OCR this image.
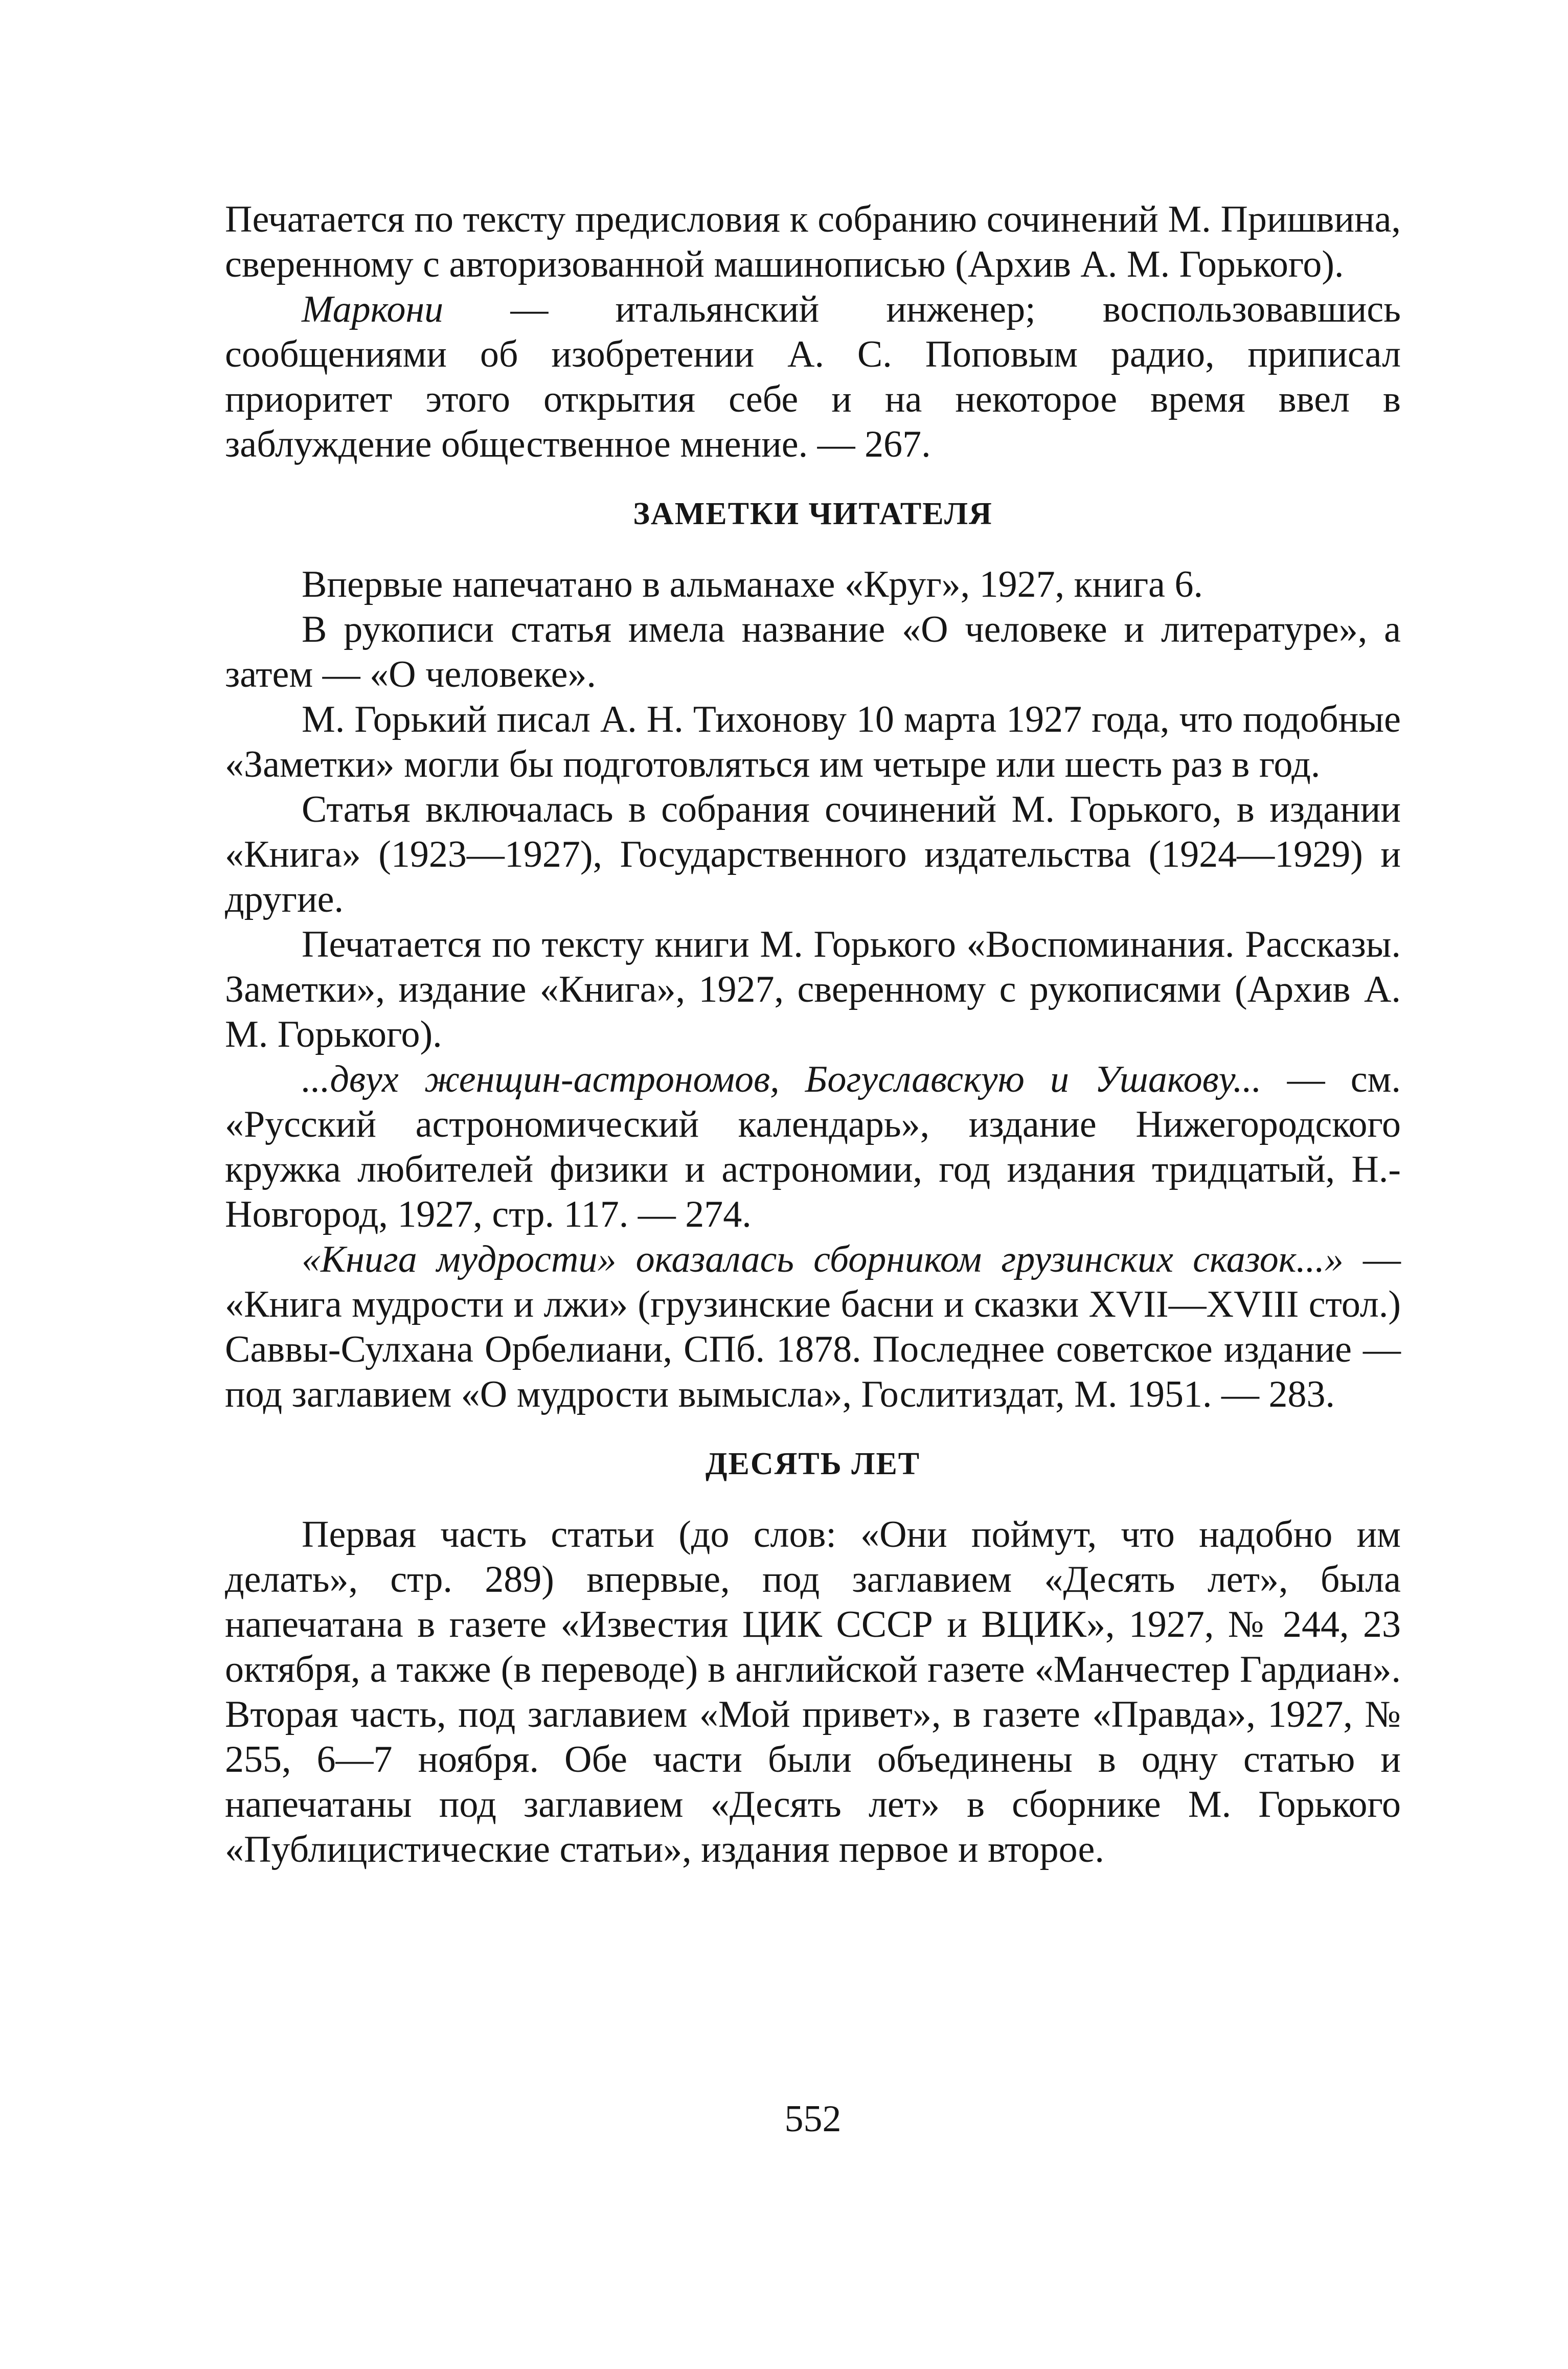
Печатается по тексту предисловия к собранию сочинений М. Пришвина, сверенному с авторизованной машинописью (Архив А. М. Горького).

Маркони — итальянский инженер; воспользовавшись сообщениями об изобретении А. С. Поповым радио, приписал приоритет этого открытия себе и на некоторое время ввел в заблуждение общественное мнение. — 267.

ЗАМЕТКИ ЧИТАТЕЛЯ

Впервые напечатано в альманахе «Круг», 1927, книга 6.

В рукописи статья имела название «О человеке и литературе», а затем — «О человеке».

М. Горький писал А. Н. Тихонову 10 марта 1927 года, что подобные «Заметки» могли бы подготовляться им четыре или шесть раз в год.

Статья включалась в собрания сочинений М. Горького, в издании «Книга» (1923—1927), Государственного издательства (1924—1929) и другие.

Печатается по тексту книги М. Горького «Воспоминания. Рассказы. Заметки», издание «Книга», 1927, сверенному с рукописями (Архив А. М. Горького).

...двух женщин-астрономов, Богуславскую и Ушакову... — см. «Русский астрономический календарь», издание Нижегородского кружка любителей физики и астрономии, год издания тридцатый, Н.-Новгород, 1927, стр. 117. — 274.

«Книга мудрости» оказалась сборником грузинских сказок...» — «Книга мудрости и лжи» (грузинские басни и сказки XVII—XVIII стол.) Саввы-Сулхана Орбелиани, СПб. 1878. Последнее советское издание — под заглавием «О мудрости вымысла», Гослитиздат, М. 1951. — 283.

ДЕСЯТЬ ЛЕТ

Первая часть статьи (до слов: «Они поймут, что надобно им делать», стр. 289) впервые, под заглавием «Десять лет», была напечатана в газете «Известия ЦИК СССР и ВЦИК», 1927, № 244, 23 октября, а также (в переводе) в английской газете «Манчестер Гардиан». Вторая часть, под заглавием «Мой привет», в газете «Правда», 1927, № 255, 6—7 ноября. Обе части были объединены в одну статью и напечатаны под заглавием «Десять лет» в сборнике М. Горького «Публицистические статьи», издания первое и второе.

552
